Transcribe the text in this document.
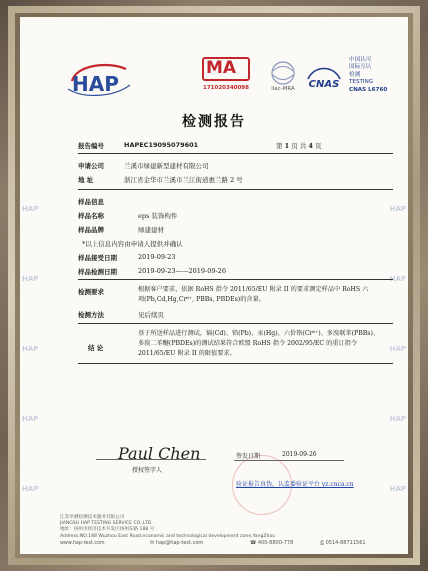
HAP
HAP
HAP
HAP
HAP
HAP
HAP
HAP
HAP
HAP
HAP
MA
171020340098	ilac-MRA CNAS
中国认可
国际互认
检测
TESTING
CNAS L6760
检测报告
报告编号	HAPEC19095079601	第 1 页 共 4 页
申请公司	兰溪市绿建新型建材有限公司
地 址	浙江省金华市兰溪市兰江街道惠兰路 2 号
样品信息
样品名称	eps 装饰构件
样品品牌	绿建建材
*以上信息内容由申请人提供并确认
样品接受日期	2019-09-23
样品检测日期	2019-09-23——2019-09-26
检测要求	根据客户要求，依据 RoHS 指令 2011/65/EU 附录 II 的要求测定样品中 RoHS 六
项(Pb,Cd,Hg,Cr⁶⁺, PBBs, PBDEs)的含量。
检测方法	见后续页
结 论
基于所送样品进行测试，镉(Cd)、铅(Pb)、汞(Hg)、六价铬(Cr⁶⁺)、多溴联苯(PBBs)、
多溴二苯醚(PBDEs)的测试结果符合欧盟 RoHS 指令 2002/95/EC 的重订指令
2011/65/EU 附录 II 的限值要求。
Paul Chen
授权签字人
签发日期	2019-09-26
验证报告真伪，认监委验证平台 yz.cnca.cn
江苏华测检测技术服务有限公司
JIANGSU HAP TESTING SERVICE CO.,LTD
地址：扬州市经济技术开发区扬州东路 188 号
Address:NO.188 Wuzhou East Road,economic and technological development zone,YangZhou
www.hap-test.com	✉ hap@hap-test.com	☎ 400-8800-778	⎙ 0514-88711561
